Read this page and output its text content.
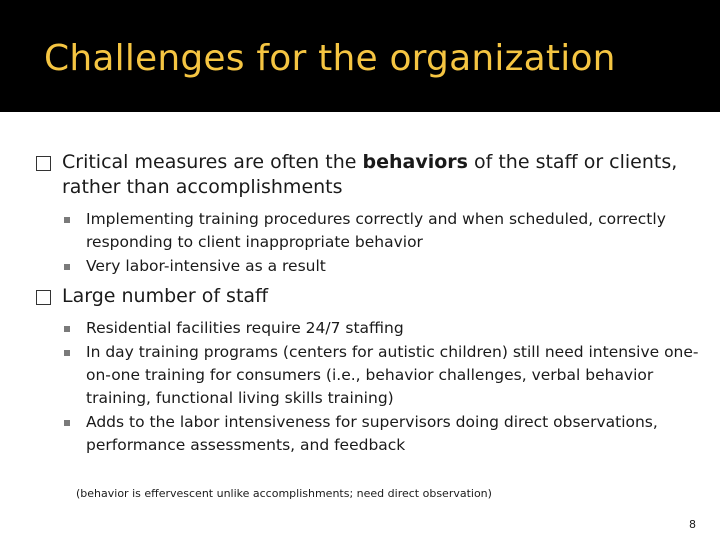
Challenges for the organization
Critical measures are often the behaviors of the staff or clients, rather than accomplishments
Implementing training procedures correctly and when scheduled, correctly responding to client inappropriate behavior
Very labor-intensive as a result
Large number of staff
Residential facilities require 24/7 staffing
In day training programs (centers for autistic children) still need intensive one-on-one training for consumers (i.e., behavior challenges, verbal behavior training, functional living skills training)
Adds to the labor intensiveness for supervisors doing direct observations, performance assessments, and feedback
(behavior is effervescent unlike accomplishments; need direct observation)
8
